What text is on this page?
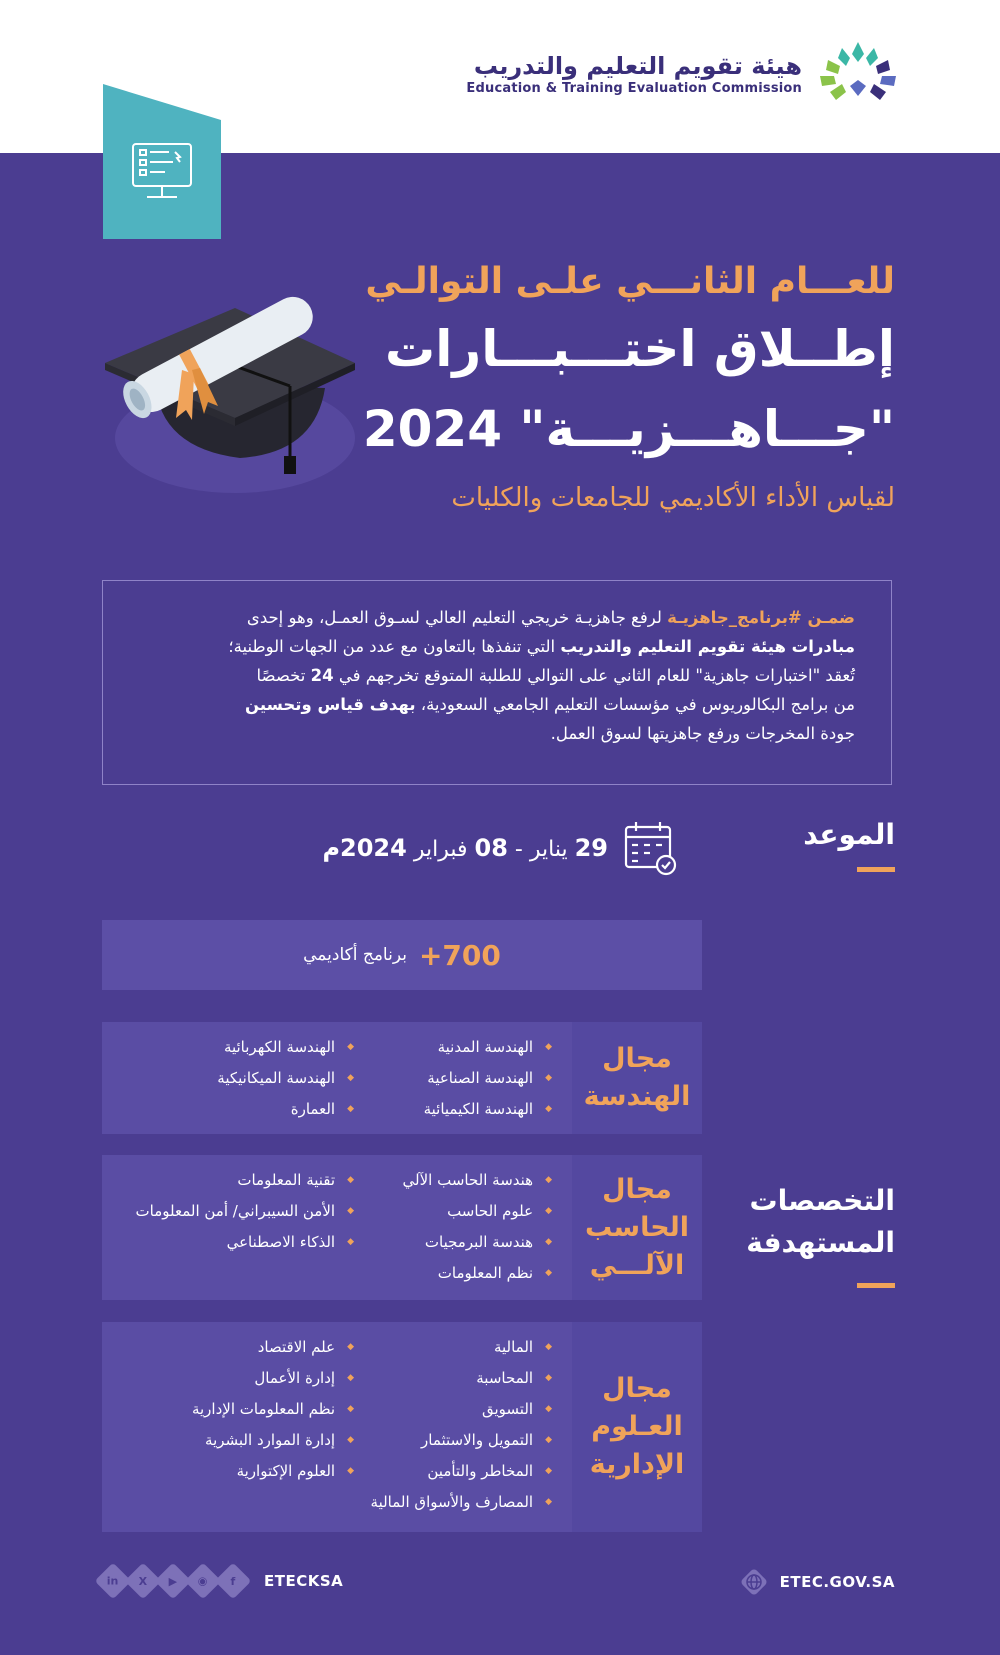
هيئة تقويم التعليم والتدريب
Education & Training Evaluation Commission
للعـــام الثانـــي علـى التوالـي
إطــلاق اختـــبـــارات
"جـــاهـــزيـــة" 2024
لقياس الأداء الأكاديمي للجامعات والكليات
ضمـن #برنامج_جاهزيـة لرفع جاهزيـة خريجي التعليم العالي لسـوق العمـل، وهو إحدى
مبادرات هيئة تقويم التعليم والتدريب التي تنفذها بالتعاون مع عدد من الجهات الوطنية؛
تُعقد "اختبارات جاهزية" للعام الثاني على التوالي للطلبة المتوقع تخرجهم في 24 تخصصًا
من برامج البكالوريوس في مؤسسات التعليم الجامعي السعودية، بهدف قياس وتحسين
جودة المخرجات ورفع جاهزيتها لسوق العمل.
الموعد
29 يناير - 08 فبراير 2024م
+700
برنامج أكاديمي
التخصصات
المستهدفة
مجال
الهندسة
◆ الهندسة المدنية
◆ الهندسة الصناعية
◆ الهندسة الكيميائية
◆ الهندسة الكهربائية
◆ الهندسة الميكانيكية
◆ العمارة
مجال
الحاسب
الآلـــي
◆ هندسة الحاسب الآلي
◆ علوم الحاسب
◆ هندسة البرمجيات
◆ نظم المعلومات
◆ تقنية المعلومات
◆ الأمن السيبراني/ أمن المعلومات
◆ الذكاء الاصطناعي
مجال
العـلوم
الإدارية
◆ المالية
◆ المحاسبة
◆ التسويق
◆ التمويل والاستثمار
◆ المخاطر والتأمين
◆ المصارف والأسواق المالية
◆ علم الاقتصاد
◆ إدارة الأعمال
◆ نظم المعلومات الإدارية
◆ إدارة الموارد البشرية
◆ العلوم الإكتوارية
in X ▶ ◉ f ETECKSA	ETEC.GOV.SA
